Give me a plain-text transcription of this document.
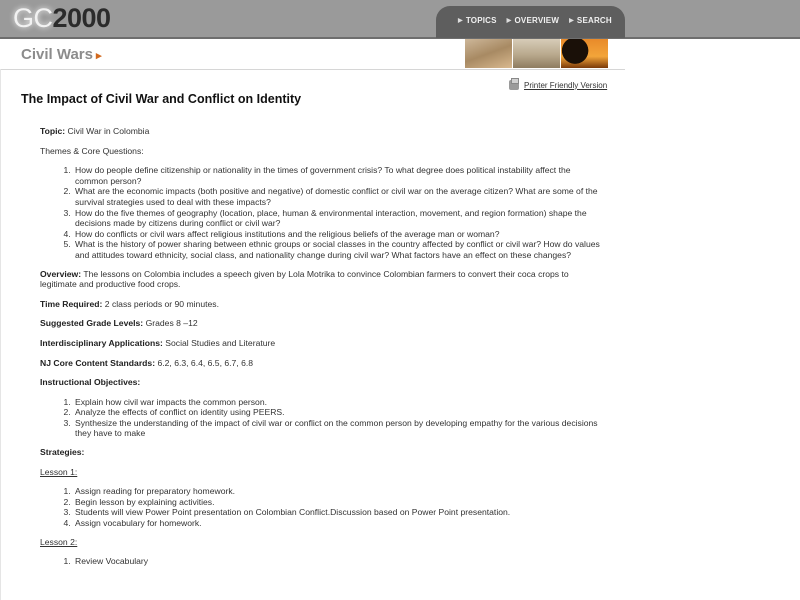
GC2000	▶ TOPICS ▶ OVERVIEW ▶ SEARCH
Civil Wars ▸
Printer Friendly Version
The Impact of Civil War and Conflict on Identity

Topic: Civil War in Colombia

Themes & Core Questions:

1. How do people define citizenship or nationality in the times of government crisis? To what degree does political instability affect the common person?
2. What are the economic impacts (both positive and negative) of domestic conflict or civil war on the average citizen? What are some of the survival strategies used to deal with these impacts?
3. How do the five themes of geography (location, place, human & environmental interaction, movement, and region formation) shape the decisions made by citizens during conflict or civil war?
4. How do conflicts or civil wars affect religious institutions and the religious beliefs of the average man or woman?
5. What is the history of power sharing between ethnic groups or social classes in the country affected by conflict or civil war? How do values and attitudes toward ethnicity, social class, and nationality change during civil war? What factors have an effect on these changes?

Overview: The lessons on Colombia includes a speech given by Lola Motrika to convince Colombian farmers to convert their coca crops to legitimate and productive food crops.

Time Required: 2 class periods or 90 minutes.

Suggested Grade Levels: Grades 8 –12

Interdisciplinary Applications: Social Studies and Literature

NJ Core Content Standards: 6.2, 6.3, 6.4, 6.5, 6.7, 6.8

Instructional Objectives:

1. Explain how civil war impacts the common person.
2. Analyze the effects of conflict on identity using PEERS.
3. Synthesize the understanding of the impact of civil war or conflict on the common person by developing empathy for the various decisions they have to make

Strategies:

Lesson 1:

1. Assign reading for preparatory homework.
2. Begin lesson by explaining activities.
3. Students will view Power Point presentation on Colombian Conflict.Discussion based on Power Point presentation.
4. Assign vocabulary for homework.

Lesson 2:

1. Review Vocabulary
